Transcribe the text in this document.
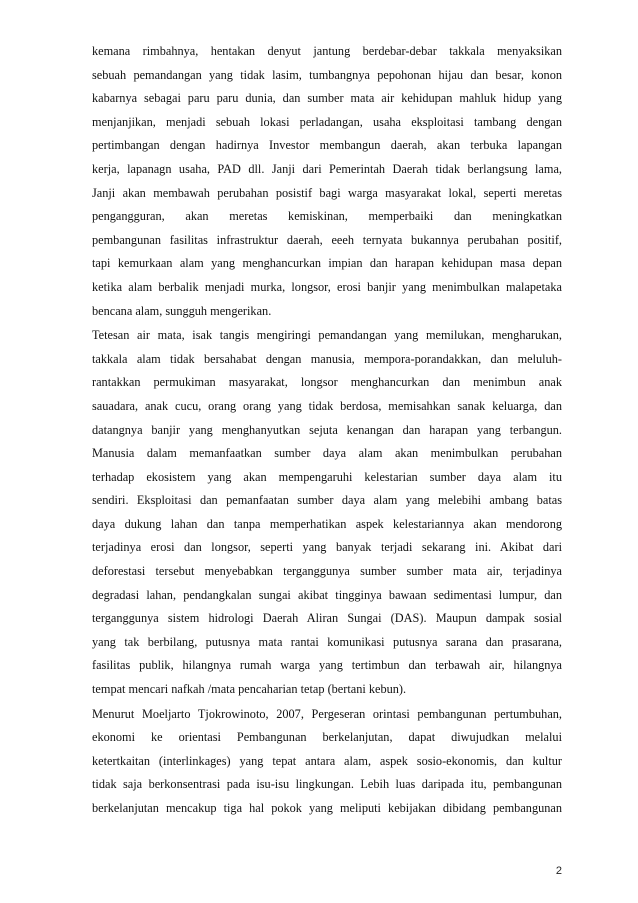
kemana rimbahnya, hentakan denyut jantung berdebar-debar takkala menyaksikan
sebuah pemandangan yang tidak lasim, tumbangnya pepohonan hijau dan besar, konon
kabarnya sebagai paru paru dunia, dan sumber mata air kehidupan mahluk hidup yang
menjanjikan, menjadi sebuah lokasi perladangan, usaha eksploitasi tambang dengan
pertimbangan dengan hadirnya Investor membangun daerah, akan terbuka lapangan
kerja, lapanagn usaha, PAD dll. Janji dari Pemerintah Daerah tidak berlangsung lama,
Janji akan membawah perubahan posistif bagi warga masyarakat lokal, seperti meretas
pengangguran, akan meretas kemiskinan, memperbaiki dan meningkatkan
pembangunan fasilitas infrastruktur daerah, eeeh ternyata bukannya perubahan positif,
tapi kemurkaan alam yang menghancurkan impian dan harapan kehidupan masa depan
ketika alam berbalik menjadi murka, longsor, erosi banjir yang menimbulkan malapetaka
bencana alam, sungguh mengerikan.
Tetesan air mata, isak tangis mengiringi pemandangan yang memilukan, mengharukan,
takkala alam tidak bersahabat dengan manusia, mempora-porandakkan, dan meluluh-
rantakkan permukiman masyarakat, longsor menghancurkan dan menimbun anak
sauadara, anak cucu, orang orang yang tidak berdosa, memisahkan sanak keluarga, dan
datangnya banjir yang menghanyutkan sejuta kenangan dan harapan yang terbangun.
Manusia dalam memanfaatkan sumber daya alam akan menimbulkan perubahan
terhadap ekosistem yang akan mempengaruhi kelestarian sumber daya alam itu
sendiri. Eksploitasi dan pemanfaatan sumber daya alam yang melebihi ambang batas
daya dukung lahan dan tanpa memperhatikan aspek kelestariannya akan mendorong
terjadinya erosi dan longsor, seperti yang banyak terjadi sekarang ini. Akibat dari
deforestasi tersebut menyebabkan terganggunya sumber sumber mata air, terjadinya
degradasi lahan, pendangkalan sungai akibat tingginya bawaan sedimentasi lumpur, dan
terganggunya sistem hidrologi Daerah Aliran Sungai (DAS). Maupun dampak sosial
yang tak berbilang, putusnya mata rantai komunikasi putusnya sarana dan prasarana,
fasilitas publik, hilangnya rumah warga yang tertimbun dan terbawah air, hilangnya
tempat mencari nafkah /mata pencaharian tetap (bertani kebun).
Menurut Moeljarto Tjokrowinoto, 2007, Pergeseran orintasi pembangunan pertumbuhan,
ekonomi ke orientasi Pembangunan berkelanjutan, dapat diwujudkan melalui
ketertkaitan (interlinkages) yang tepat antara alam, aspek sosio-ekonomis, dan kultur
tidak saja berkonsentrasi pada isu-isu lingkungan. Lebih luas daripada itu, pembangunan
berkelanjutan mencakup tiga hal pokok yang meliputi kebijakan dibidang pembangunan
2
